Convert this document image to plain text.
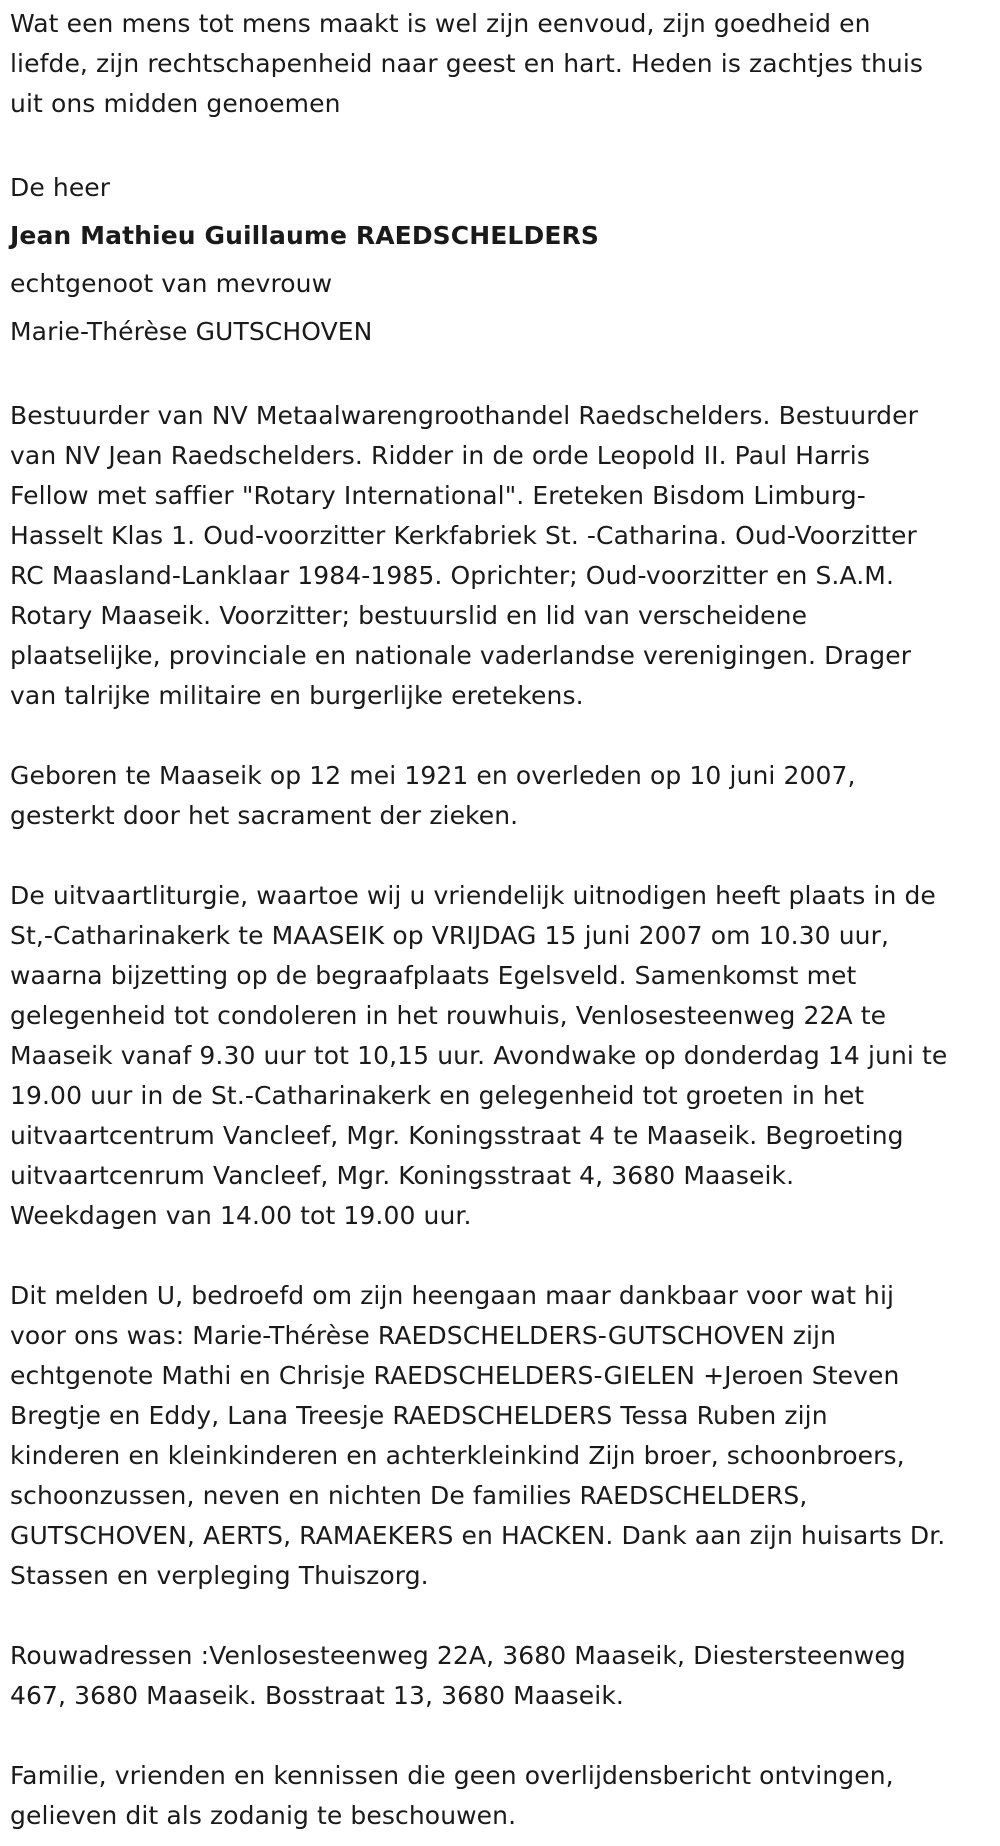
Wat een mens tot mens maakt is wel zijn eenvoud, zijn goedheid en
liefde, zijn rechtschapenheid naar geest en hart. Heden is zachtjes thuis
uit ons midden genoemen

De heer

Jean Mathieu Guillaume RAEDSCHELDERS

echtgenoot van mevrouw

Marie-Thérèse GUTSCHOVEN

Bestuurder van NV Metaalwarengroothandel Raedschelders. Bestuurder
van NV Jean Raedschelders. Ridder in de orde Leopold II. Paul Harris
Fellow met saffier "Rotary International". Ereteken Bisdom Limburg-
Hasselt Klas 1. Oud-voorzitter Kerkfabriek St. -Catharina. Oud-Voorzitter
RC Maasland-Lanklaar 1984-1985. Oprichter; Oud-voorzitter en S.A.M.
Rotary Maaseik. Voorzitter; bestuurslid en lid van verscheidene
plaatselijke, provinciale en nationale vaderlandse verenigingen. Drager
van talrijke militaire en burgerlijke eretekens.

Geboren te Maaseik op 12 mei 1921 en overleden op 10 juni 2007,
gesterkt door het sacrament der zieken.

De uitvaartliturgie, waartoe wij u vriendelijk uitnodigen heeft plaats in de
St,-Catharinakerk te MAASEIK op VRIJDAG 15 juni 2007 om 10.30 uur,
waarna bijzetting op de begraafplaats Egelsveld. Samenkomst met
gelegenheid tot condoleren in het rouwhuis, Venlosesteenweg 22A te
Maaseik vanaf 9.30 uur tot 10,15 uur. Avondwake op donderdag 14 juni te
19.00 uur in de St.-Catharinakerk en gelegenheid tot groeten in het
uitvaartcentrum Vancleef, Mgr. Koningsstraat 4 te Maaseik. Begroeting
uitvaartcenrum Vancleef, Mgr. Koningsstraat 4, 3680 Maaseik.
Weekdagen van 14.00 tot 19.00 uur.

Dit melden U, bedroefd om zijn heengaan maar dankbaar voor wat hij
voor ons was: Marie-Thérèse RAEDSCHELDERS-GUTSCHOVEN zijn
echtgenote Mathi en Chrisje RAEDSCHELDERS-GIELEN +Jeroen Steven
Bregtje en Eddy, Lana Treesje RAEDSCHELDERS Tessa Ruben zijn
kinderen en kleinkinderen en achterkleinkind Zijn broer, schoonbroers,
schoonzussen, neven en nichten De families RAEDSCHELDERS,
GUTSCHOVEN, AERTS, RAMAEKERS en HACKEN. Dank aan zijn huisarts Dr.
Stassen en verpleging Thuiszorg.

Rouwadressen :Venlosesteenweg 22A, 3680 Maaseik, Diestersteenweg
467, 3680 Maaseik. Bosstraat 13, 3680 Maaseik.

Familie, vrienden en kennissen die geen overlijdensbericht ontvingen,
gelieven dit als zodanig te beschouwen.
